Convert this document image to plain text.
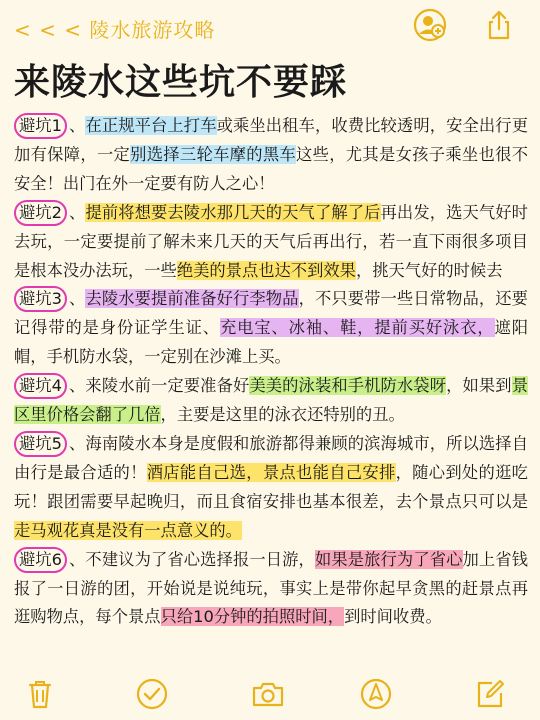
< < < 陵水旅游攻略
来陵水这些坑不要踩

避坑1 、在正规平台上打车或乘坐出租车，收费比较透明，安全出行更加有保障，一定别选择三轮车摩的黑车这些，尤其是女孩子乘坐也很不安全！出门在外一定要有防人之心！

避坑2 、提前将想要去陵水那几天的天气了解了后再出发，选天气好时去玩，一定要提前了解未来几天的天气后再出行，若一直下雨很多项目是根本没办法玩，一些绝美的景点也达不到效果，挑天气好的时候去

避坑3 、去陵水要提前准备好行李物品，不只要带一些日常物品，还要记得带的是身份证学生证、充电宝、冰袖、鞋，提前买好泳衣，遮阳帽，手机防水袋，一定别在沙滩上买。

避坑4 、来陵水前一定要准备好美美的泳装和手机防水袋呀，如果到景区里价格会翻了几倍，主要是这里的泳衣还特别的丑。

避坑5 、海南陵水本身是度假和旅游都得兼顾的滨海城市，所以选择自由行是最合适的！酒店能自己选，景点也能自己安排，随心到处的逛吃玩！跟团需要早起晚归，而且食宿安排也基本很差，去个景点只可以是走马观花真是没有一点意义的。

避坑6 、不建议为了省心选择报一日游，如果是旅行为了省心加上省钱报了一日游的团，开始说是说纯玩，事实上是带你起早贪黑的赶景点再逛购物点，每个景点只给10分钟的拍照时间，到时间收费。
